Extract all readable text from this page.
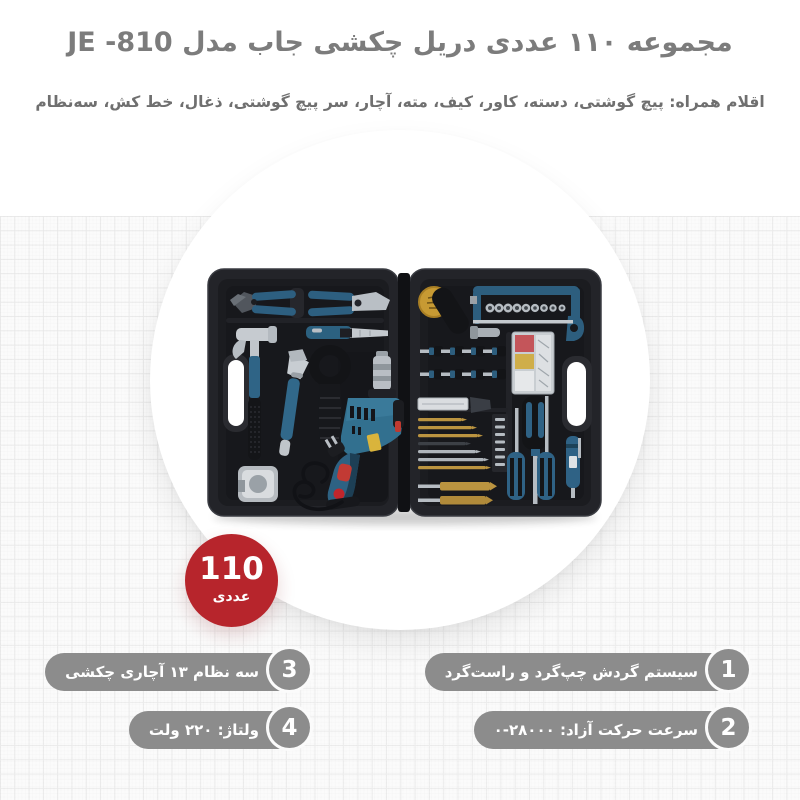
مجموعه ۱۱۰ عددی دریل چکشی جاب مدل JE -810
اقلام همراه: پیچ گوشتی، دسته، کاور، کیف، مته، آچار، سر پیچ گوشتی، ذغال، خط کش، سه‌نظام
110
عددی
1
سیستم گردش چپ‌گرد و راست‌گرد
2
سرعت حرکت آزاد: ۲۸۰۰۰-۰
3
سه نظام ۱۳ آچاری چکشی
4
ولتاژ: ۲۲۰ ولت
